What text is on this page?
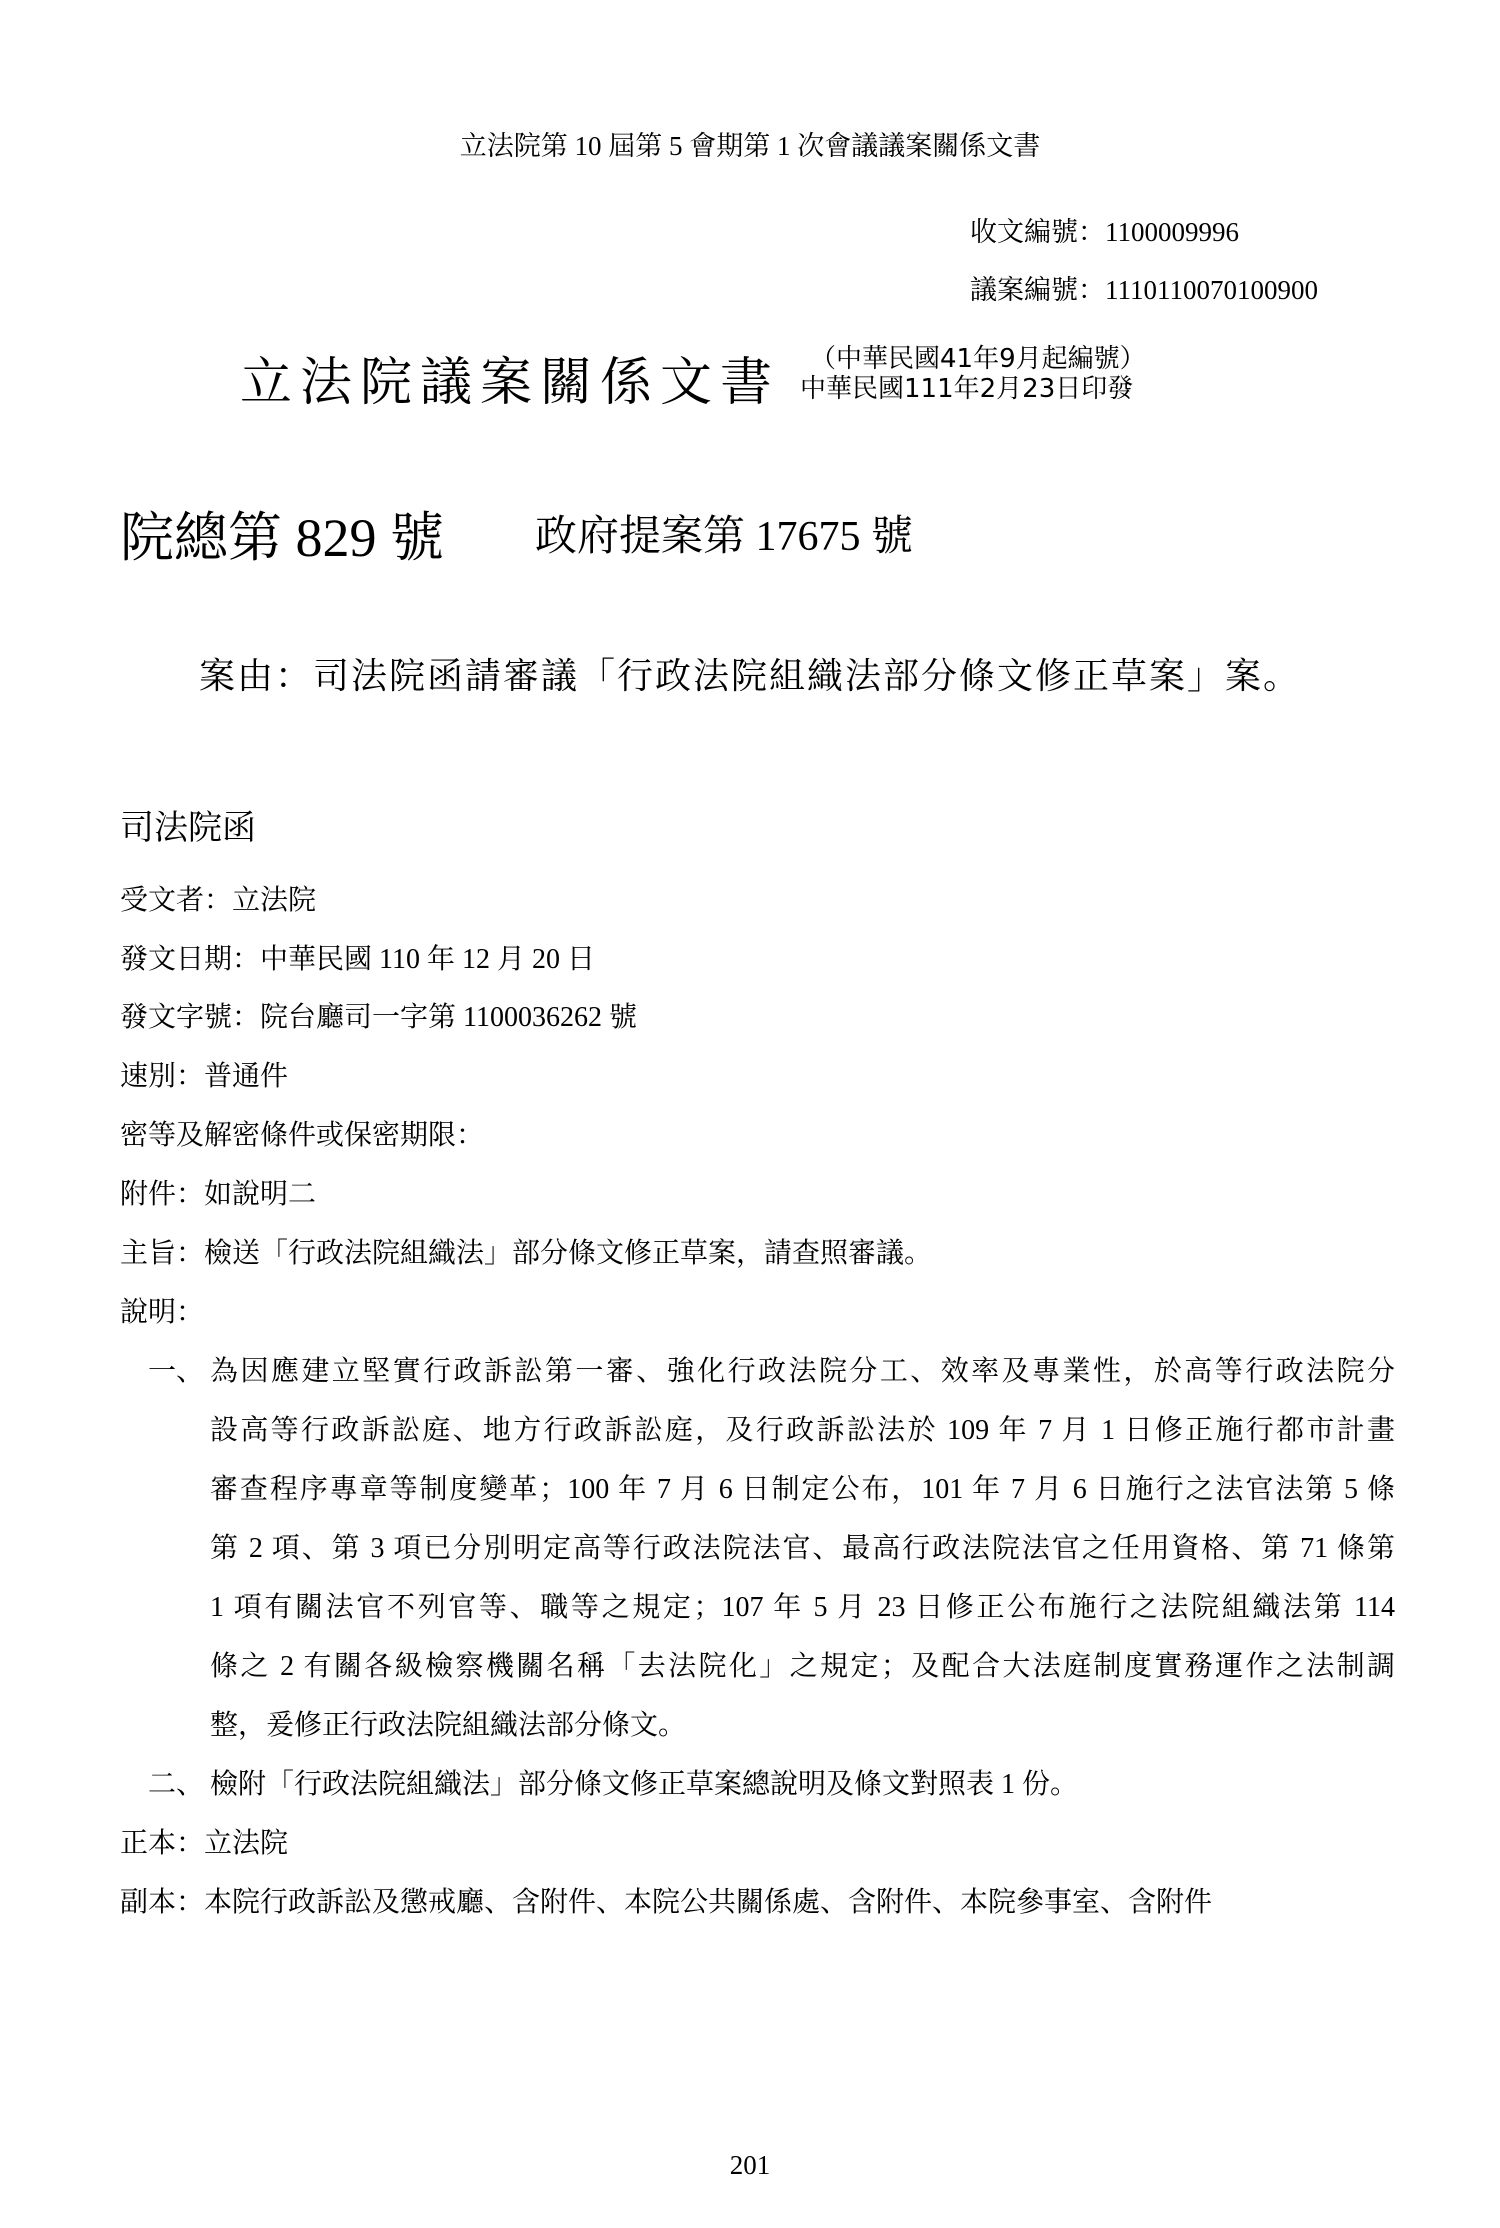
立法院第 10 屆第 5 會期第 1 次會議議案關係文書
收文編號：1100009996
議案編號：1110110070100900
立法院議案關係文書 （中華民國41年9月起編號）
中華民國111年2月23日印發
院總第 829 號 政府提案第 17675 號
案由：司法院函請審議「行政法院組織法部分條文修正草案」案。
司法院函
受文者：立法院
發文日期：中華民國 110 年 12 月 20 日
發文字號：院台廳司一字第 1100036262 號
速別：普通件
密等及解密條件或保密期限：
附件：如說明二
主旨：檢送「行政法院組織法」部分條文修正草案，請查照審議。
說明：
一、 為因應建立堅實行政訴訟第一審、強化行政法院分工、效率及專業性，於高等行政法院分
設高等行政訴訟庭、地方行政訴訟庭，及行政訴訟法於 109 年 7 月 1 日修正施行都市計畫
審查程序專章等制度變革；100 年 7 月 6 日制定公布，101 年 7 月 6 日施行之法官法第 5 條
第 2 項、第 3 項已分別明定高等行政法院法官、最高行政法院法官之任用資格、第 71 條第
1 項有關法官不列官等、職等之規定；107 年 5 月 23 日修正公布施行之法院組織法第 114
條之 2 有關各級檢察機關名稱「去法院化」之規定；及配合大法庭制度實務運作之法制調
整，爰修正行政法院組織法部分條文。
二、 檢附「行政法院組織法」部分條文修正草案總說明及條文對照表 1 份。
正本：立法院
副本：本院行政訴訟及懲戒廳、含附件、本院公共關係處、含附件、本院參事室、含附件
201
